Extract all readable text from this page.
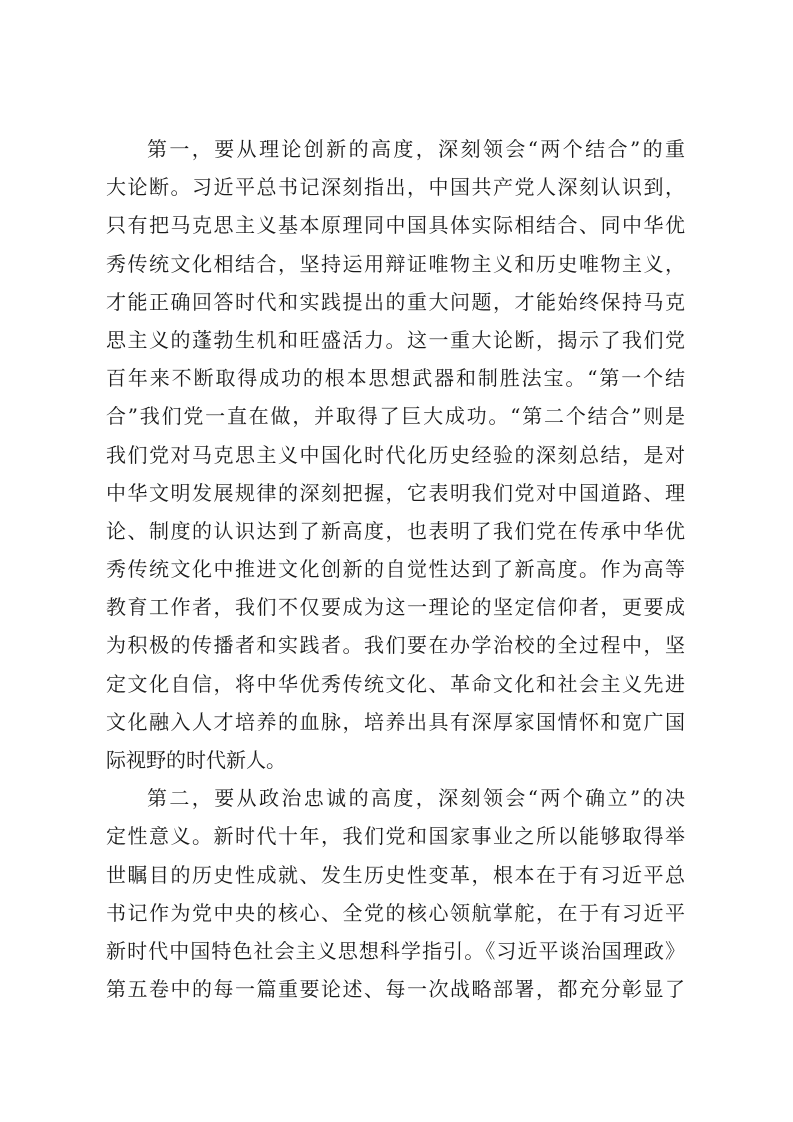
第一，要从理论创新的高度，深刻领会“两个结合”的重
大论断。习近平总书记深刻指出，中国共产党人深刻认识到，
只有把马克思主义基本原理同中国具体实际相结合、同中华优
秀传统文化相结合，坚持运用辩证唯物主义和历史唯物主义，
才能正确回答时代和实践提出的重大问题，才能始终保持马克
思主义的蓬勃生机和旺盛活力。这一重大论断，揭示了我们党
百年来不断取得成功的根本思想武器和制胜法宝。“第一个结
合”我们党一直在做，并取得了巨大成功。“第二个结合”则是
我们党对马克思主义中国化时代化历史经验的深刻总结，是对
中华文明发展规律的深刻把握，它表明我们党对中国道路、理
论、制度的认识达到了新高度，也表明了我们党在传承中华优
秀传统文化中推进文化创新的自觉性达到了新高度。作为高等
教育工作者，我们不仅要成为这一理论的坚定信仰者，更要成
为积极的传播者和实践者。我们要在办学治校的全过程中，坚
定文化自信，将中华优秀传统文化、革命文化和社会主义先进
文化融入人才培养的血脉，培养出具有深厚家国情怀和宽广国
际视野的时代新人。
第二，要从政治忠诚的高度，深刻领会“两个确立”的决
定性意义。新时代十年，我们党和国家事业之所以能够取得举
世瞩目的历史性成就、发生历史性变革，根本在于有习近平总
书记作为党中央的核心、全党的核心领航掌舵，在于有习近平
新时代中国特色社会主义思想科学指引。《习近平谈治国理政》
第五卷中的每一篇重要论述、每一次战略部署，都充分彰显了
